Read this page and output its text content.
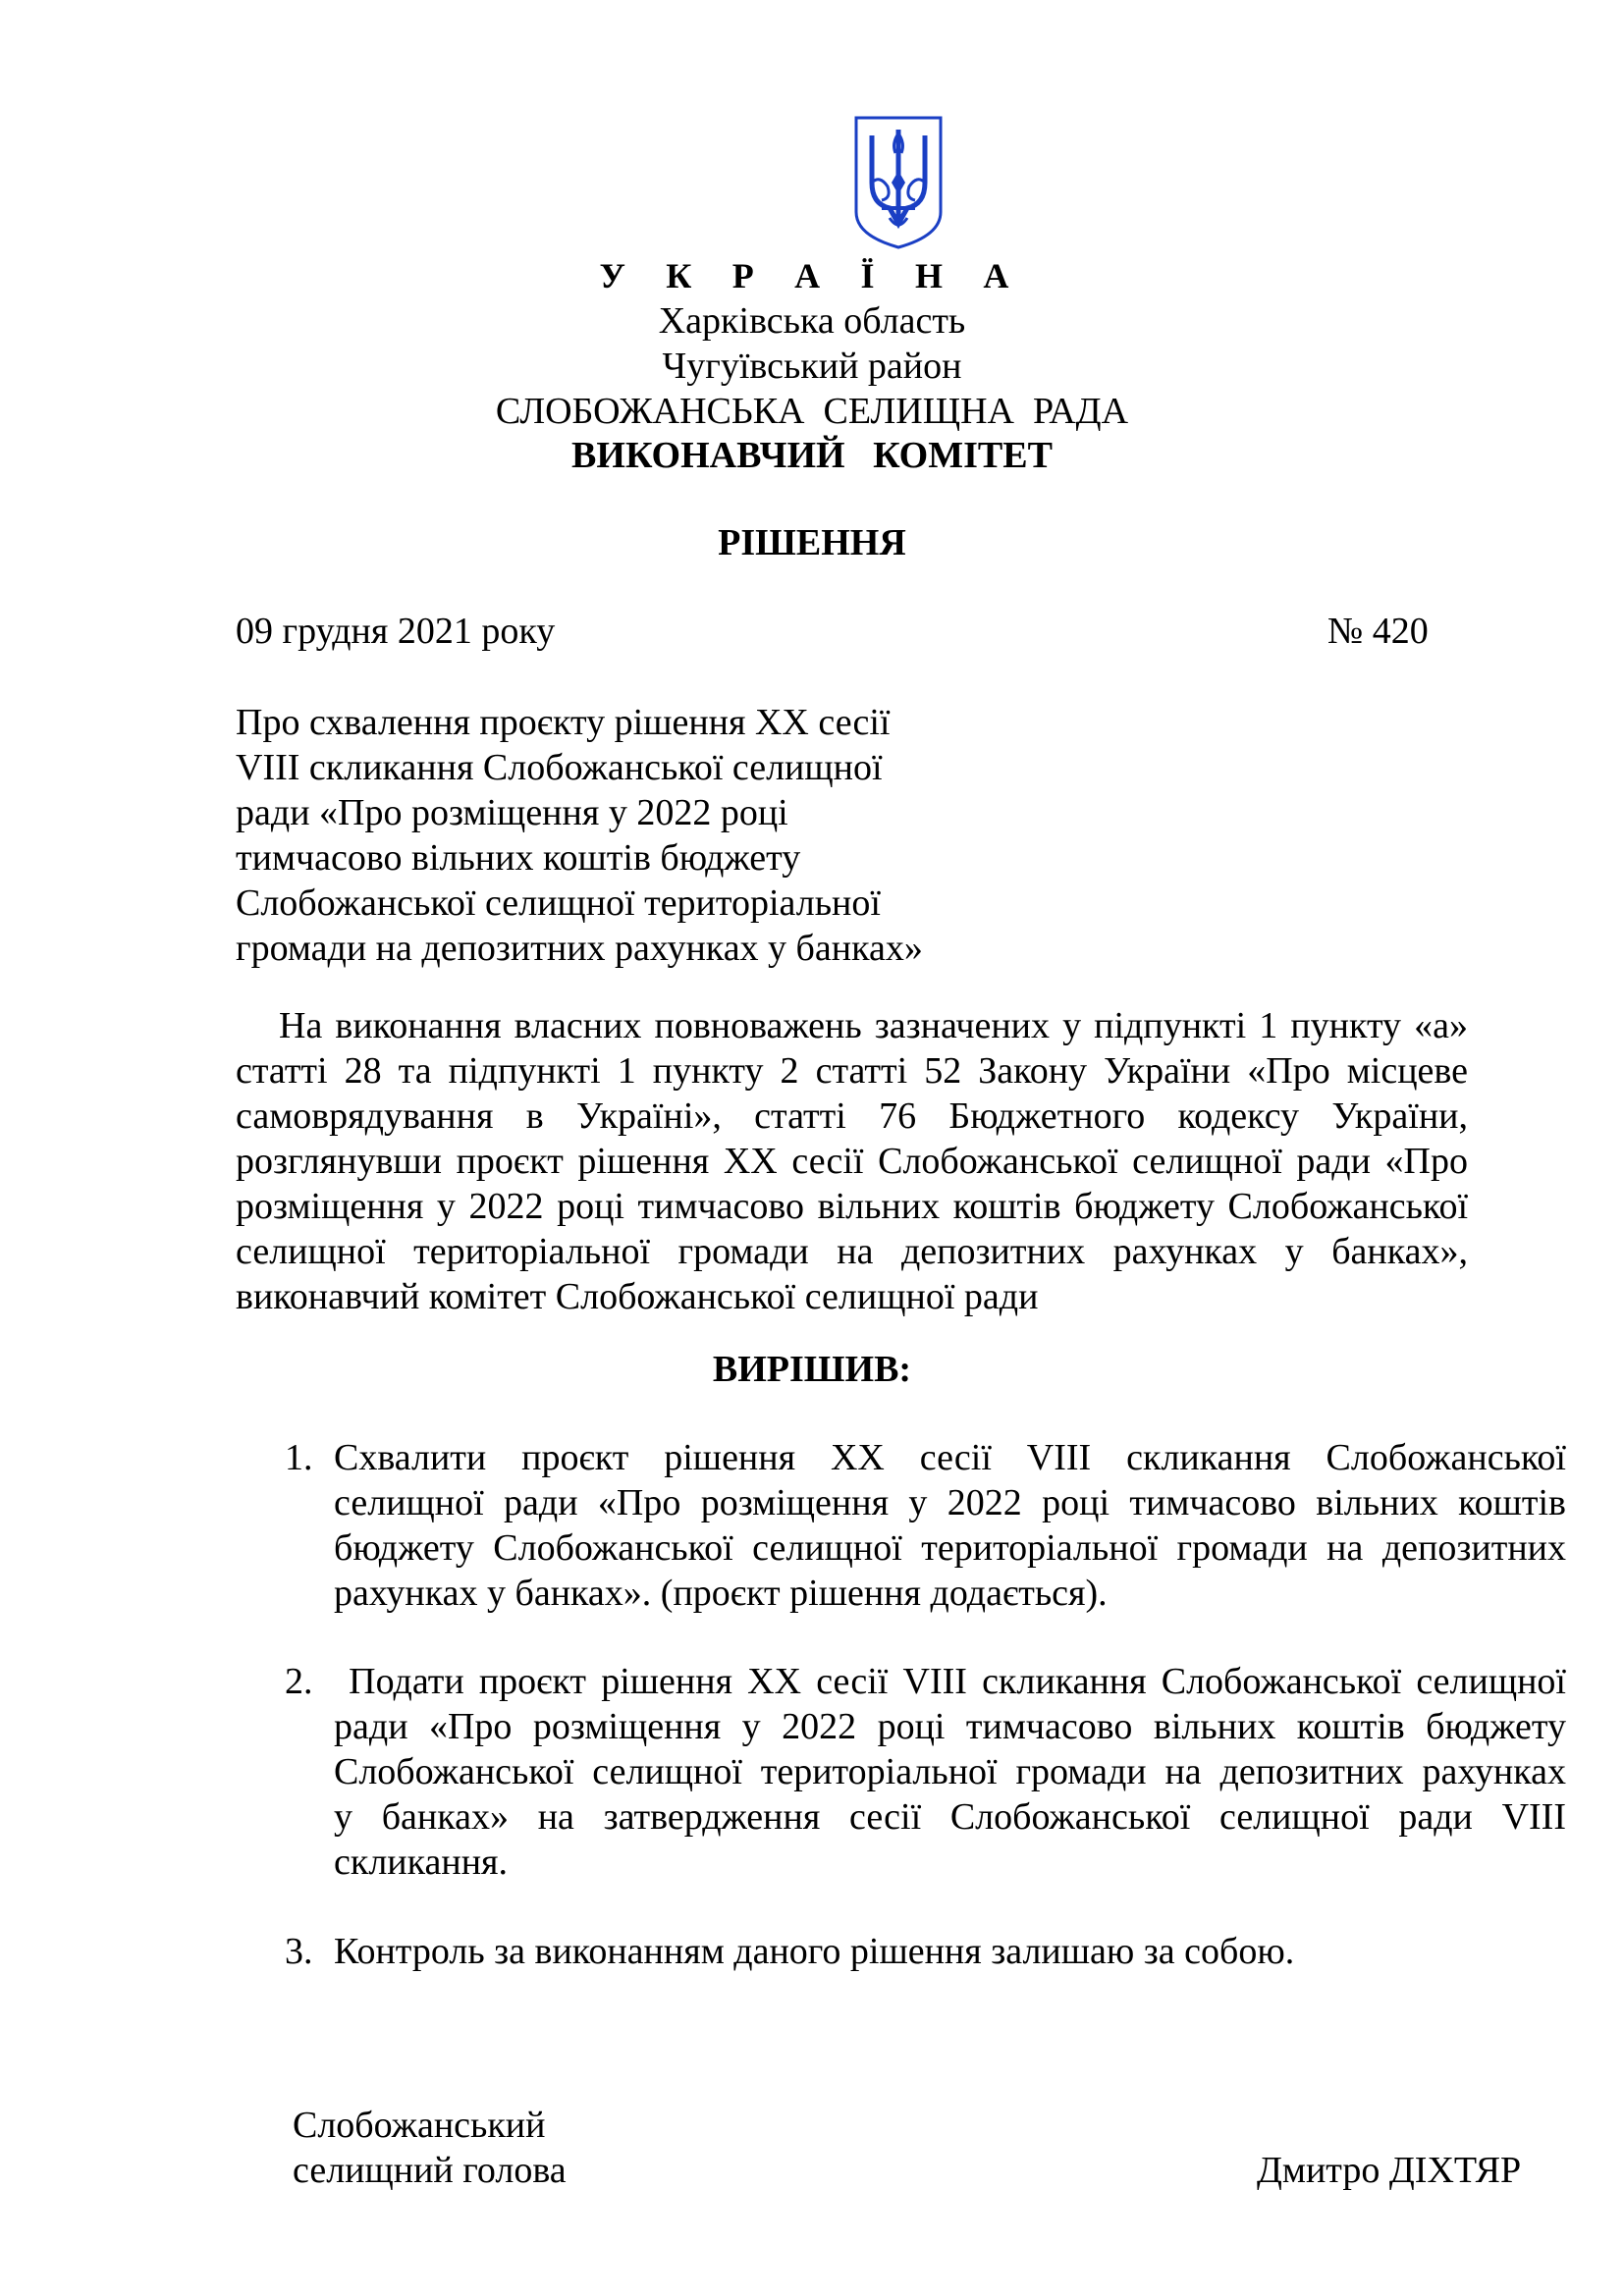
У К Р А Ї Н А
Харківська область
Чугуївський район
СЛОБОЖАНСЬКА  СЕЛИЩНА  РАДА
ВИКОНАВЧИЙ   КОМІТЕТ
РІШЕННЯ
09 грудня 2021 року	№ 420
Про схвалення проєкту рішення ХХ сесії
VІІІ скликання Слобожанської селищної
ради «Про розміщення у 2022 році
тимчасово вільних коштів бюджету
Слобожанської селищної територіальної
громади на депозитних рахунках у банках»
На виконання власних повноважень зазначених у підпункті 1 пункту «а»
статті 28 та підпункті 1 пункту 2 статті 52 Закону України «Про місцеве
самоврядування в Україні», статті 76 Бюджетного кодексу України,
розглянувши проєкт рішення ХХ сесії Слобожанської селищної ради «Про
розміщення у 2022 році тимчасово вільних коштів бюджету Слобожанської
селищної територіальної громади на депозитних рахунках у банках»,
виконавчий комітет Слобожанської селищної ради
ВИРІШИВ:
1. Схвалити проєкт рішення ХХ сесії VІІІ скликання Слобожанської
селищної ради «Про розміщення у 2022 році тимчасово вільних коштів
бюджету Слобожанської селищної територіальної громади на депозитних
рахунках у банках». (проєкт рішення додається).
2. Подати проєкт рішення ХХ сесії VІІІ скликання Слобожанської селищної
ради «Про розміщення у 2022 році тимчасово вільних коштів бюджету
Слобожанської селищної територіальної громади на депозитних рахунках
у банках» на затвердження сесії Слобожанської селищної ради VІІІ
скликання.
3. Контроль за виконанням даного рішення залишаю за собою.
Слобожанський
селищний голова	Дмитро ДІХТЯР
